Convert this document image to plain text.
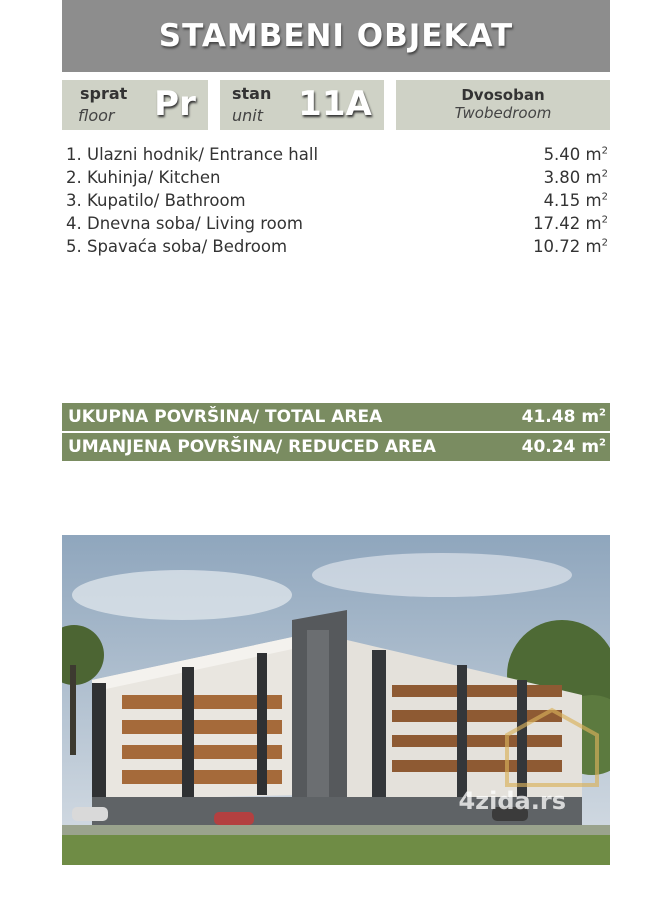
STAMBENI OBJEKAT
sprat
floor	Pr	stan
unit	11A	Dvosoban
Twobedroom
1. Ulazni hodnik/ Entrance hall	5.40 $m^2$
2. Kuhinja/ Kitchen	3.80 $m^2$
3. Kupatilo/ Bathroom	4.15 $m^2$
4. Dnevna soba/ Living room	17.42 $m^2$
5. Spavaća soba/ Bedroom	10.72 $m^2$
UKUPNA POVRŠINA/ TOTAL AREA	41.48 $m^2$
UMANJENA POVRŠINA/ REDUCED AREA	40.24 $m^2$
4zida.rs
